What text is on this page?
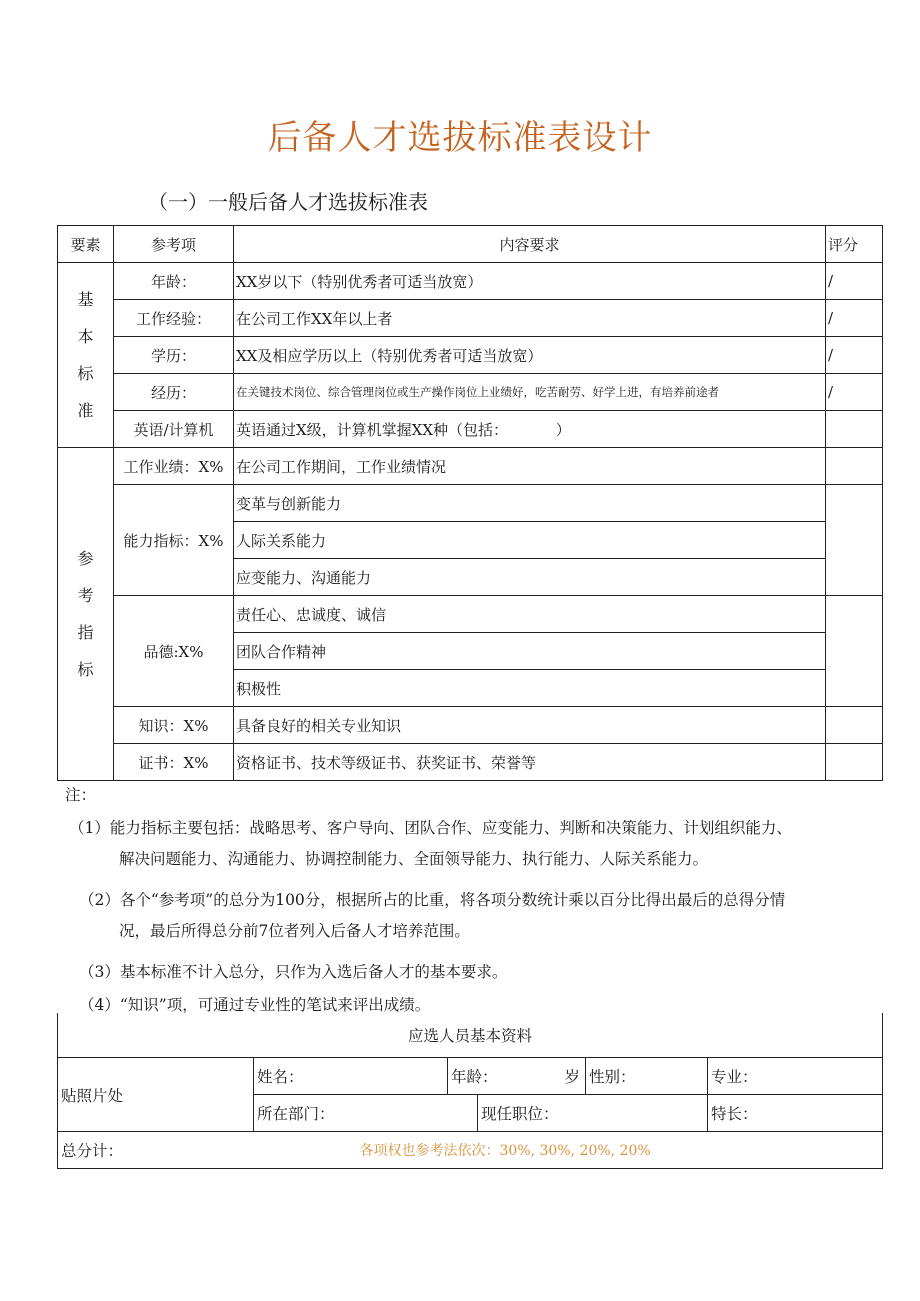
后备人才选拔标准表设计
（一）一般后备人才选拔标准表
要素	参考项	内容要求	评分

基
本
标
准	年龄：	XX岁以下（特别优秀者可适当放宽）	/
	工作经验：	在公司工作XX年以上者	/
	学历：	XX及相应学历以上（特别优秀者可适当放宽）	/
	经历：	在关键技术岗位、综合管理岗位或生产操作岗位上业绩好，吃苦耐劳、好学上进，有培养前途者	/
	英语/计算机	英语通过X级，计算机掌握XX种（包括：          ）	

参
考
指
标	工作业绩：X%	在公司工作期间，工作业绩情况	
	能力指标：X%	变革与创新能力	
		人际关系能力	
		应变能力、沟通能力	
	品德:X%	责任心、忠诚度、诚信	
		团队合作精神	
		积极性	
	知识：X%	具备良好的相关专业知识	
	证书：X%	资格证书、技术等级证书、获奖证书、荣誉等	
注：
（1）能力指标主要包括：战略思考、客户导向、团队合作、应变能力、判断和决策能力、计划组织能力、
解决问题能力、沟通能力、协调控制能力、全面领导能力、执行能力、人际关系能力。
（2）各个“参考项”的总分为100分，根据所占的比重，将各项分数统计乘以百分比得出最后的总得分情
况，最后所得总分前7位者列入后备人才培养范围。
（3）基本标准不计入总分，只作为入选后备人才的基本要求。
（4）“知识”项，可通过专业性的笔试来评出成绩。
应选人员基本资料					
贴照片处	姓名：	年龄： 岁		性别：	专业：
	所在部门：		现任职位：		特长：
总分计：	各项权也参考法依次：30%, 30%, 20%, 20%				
